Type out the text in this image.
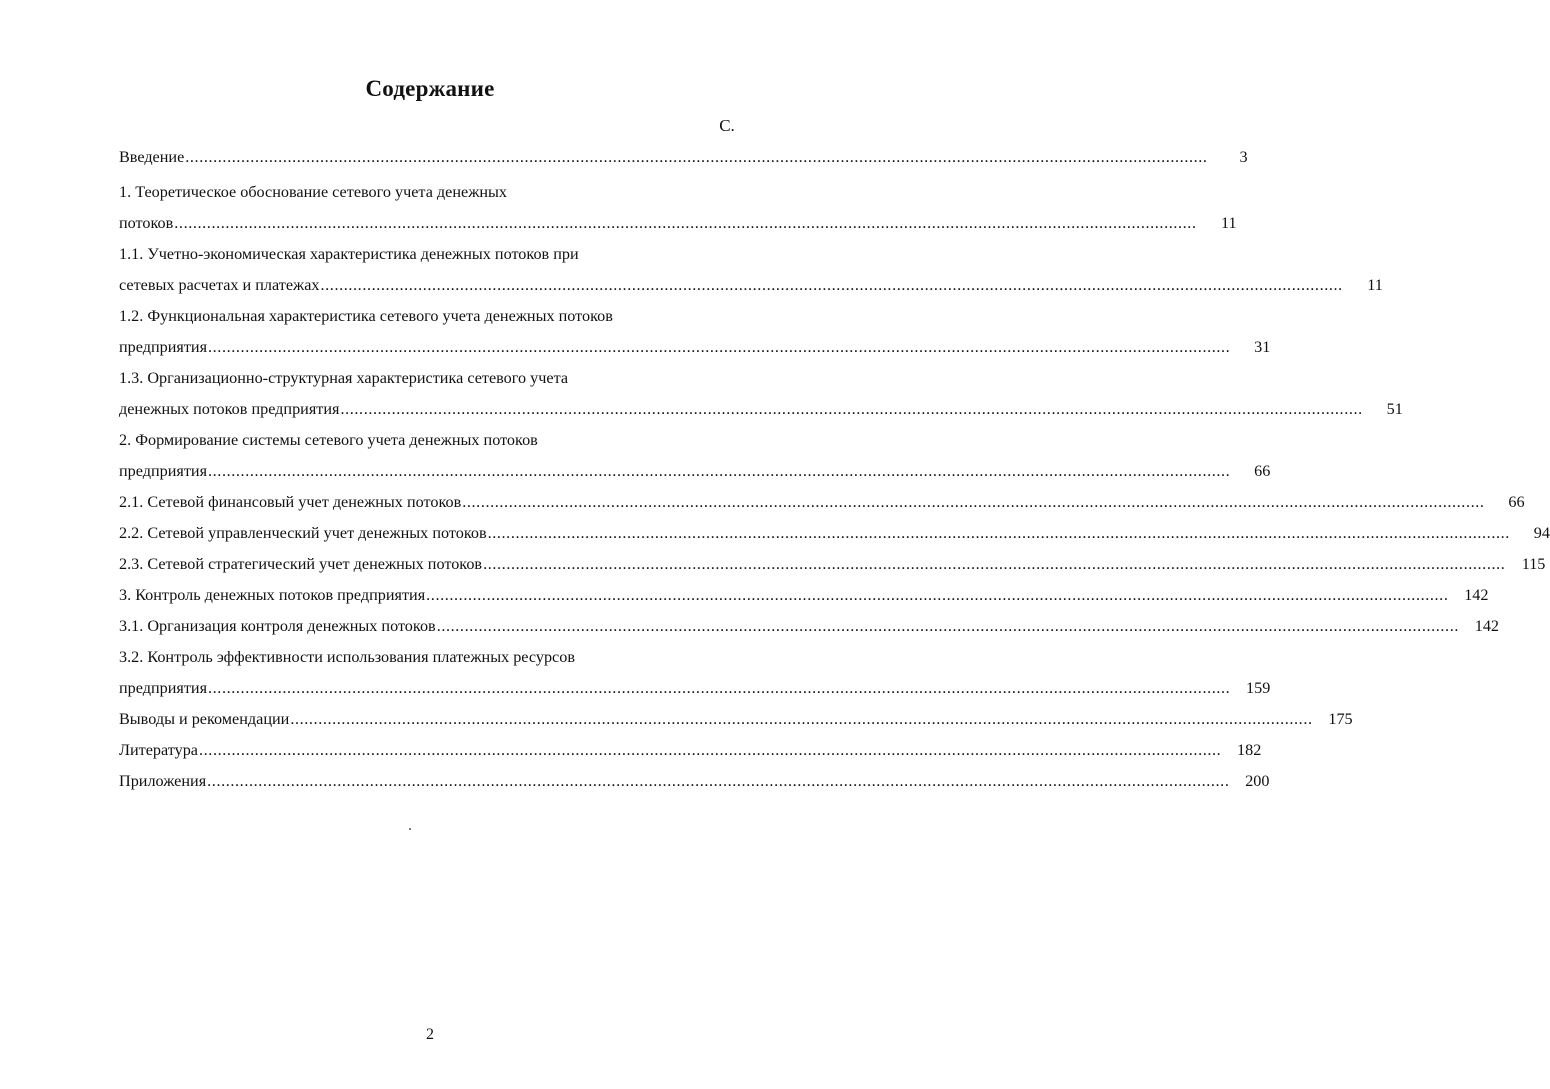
Содержание
С.
Введение ............................................................................................................................................................................................................................	3
1. Теоретическое обоснование сетевого учета денежных
потоков ............................................................................................................................................................................................................................	11
1.1. Учетно-экономическая характеристика денежных потоков при
сетевых расчетах и платежах ............................................................................................................................................................................................................................	11
1.2. Функциональная характеристика сетевого учета денежных потоков
предприятия ............................................................................................................................................................................................................................	31
1.3. Организационно-структурная характеристика сетевого учета
денежных потоков предприятия ............................................................................................................................................................................................................................	51
2. Формирование системы сетевого учета денежных потоков
предприятия ............................................................................................................................................................................................................................	66
2.1. Сетевой финансовый учет денежных потоков ............................................................................................................................................................................................................................	66
2.2. Сетевой управленческий учет денежных потоков ............................................................................................................................................................................................................................	94
2.3. Сетевой стратегический учет денежных потоков ............................................................................................................................................................................................................................	115
3. Контроль денежных потоков предприятия ............................................................................................................................................................................................................................ 142
3.1. Организация контроля денежных потоков ............................................................................................................................................................................................................................ 142
3.2. Контроль эффективности использования платежных ресурсов
предприятия ............................................................................................................................................................................................................................ 159
Выводы и рекомендации ............................................................................................................................................................................................................................ 175
Литература ............................................................................................................................................................................................................................ 182
Приложения ............................................................................................................................................................................................................................ 200
2
